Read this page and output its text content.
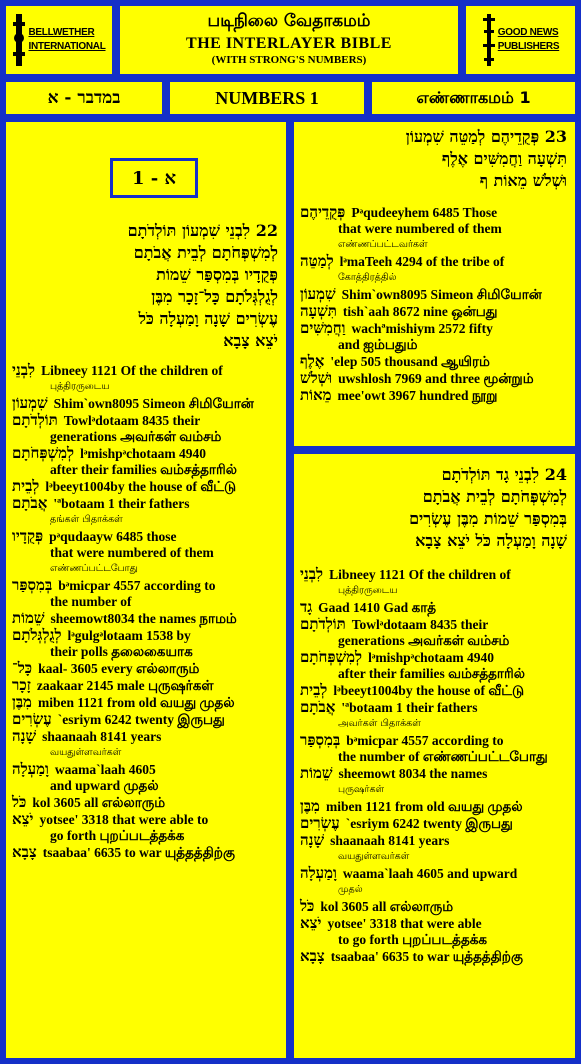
BELLWETHER
INTERNATIONAL
படிநிலை வேதாகமம்
THE INTERLAYER BIBLE
(WITH STRONG'S NUMBERS)
GOOD NEWS
PUBLISHERS
במדבר - א	NUMBERS 1	எண்ணாகமம் 1
א - 1
22 לִבְנֵי שִׁמְעוֹן תּוֹלְדֹתָם
לְמִשְׁפְּחֹתָם לְבֵית אֲבֹתָם
פְּקֻדָיו בְּמִסְפַּר שֵׁמוֹת
לְגֻלְגְּלֹתָם כָּל־זָכָר מִבֶּן
עֶשְׂרִים שָׁנָה וָמַעְלָה כֹּל
יֹצֵא צָבָא
לִבְנֵי Libneey 1121 Of the children of
புத்திரருடைய
שִׁמְעוֹן Shim`own8095 Simeon சிமியோன்
תּוֹלְדֹתָם Towlᵊdotaam 8435 their
generations அவர்கள் வம்சம்
לְמִשְׁפְּחֹתָם lᵊmishpᵊchotaam 4940
after their families வம்சத்தாரில்
לְבֵית lᵊbeeyt1004by the house of வீட்டு
אֲבֹתָם 'ªbotaam 1 their fathers
தங்கள் பிதாக்கள்
פְּקֻדָיו pᵊqudaayw 6485 those
that were numbered of them
எண்ணப்பட்டபோது
בְּמִסְפַּר bᵊmicpar 4557 according to
the number of
שֵׁמוֹת sheemowt8034 the names நாமம்
לְגֻלְגְּלֹתָם lᵊgulgᵊlotaam 1538 by
their polls தலைகையாக
כָּל־ kaal- 3605 every எல்லாரும்
זָכָר zaakaar 2145 male புருஷர்கள்
מִבֶּן miben 1121 from old வயது முதல்
עֶשְׂרִים `esriym 6242 twenty இருபது
שָׁנָה shaanaah 8141 years
வயதுள்ளவர்கள்
וָמַעְלָה waama`laah 4605
and upward முதல்
כֹּל kol 3605 all எல்லாரும்
יֹצֵא yotsee' 3318 that were able to
go forth புறப்படத்தக்க
צָבָא tsaabaa' 6635 to war யுத்தத்திற்கு
23 פְּקֻדֵיהֶם לְמַטֵּה שִׁמְעוֹן
תִּשְׁעָה וַחֲמִשִּׁים אֶלֶף
וּשְׁלֹשׁ מֵאוֹת ף
פְּקֻדֵיהֶם Pᵊqudeeyhem 6485 Those
that were numbered of them
எண்ணப்பட்டவர்கள்
לְמַטֵּה lᵊmaTeeh 4294 of the tribe of
கோத்திரத்தில்
שִׁמְעוֹן Shim`own8095 Simeon சிமியோன்
תִּשְׁעָה tish`aah 8672 nine ஒன்பது
וַחֲמִשִּׁים wachªmishiym 2572 fifty
and ஐம்பதும்
אֶלֶף 'elep 505 thousand ஆயிரம்
וּשְׁלֹשׁ uwshlosh 7969 and three மூன்றும்
מֵאוֹת mee'owt 3967 hundred நூறு
24 לִבְנֵי גָד תּוֹלְדֹתָם
לְמִשְׁפְּחֹתָם לְבֵית אֲבֹתָם
בְּמִסְפַּר שֵׁמוֹת מִבֶּן עֶשְׂרִים
שָׁנָה וָמַעְלָה כֹּל יֹצֵא צָבָא
לִבְנֵי Libneey 1121 Of the children of
புத்திரருடைய
גָד Gaad 1410 Gad காத்
תּוֹלְדֹתָם Towlᵊdotaam 8435 their
generations அவர்கள் வம்சம்
לְמִשְׁפְּחֹתָם lᵊmishpᵊchotaam 4940
after their families வம்சத்தாரில்
לְבֵית lᵊbeeyt1004by the house of வீட்டு
אֲבֹתָם 'ªbotaam 1 their fathers
அவர்கள் பிதாக்கள்
בְּמִסְפַּר bᵊmicpar 4557 according to
the number of எண்ணப்பட்டபோது
שֵׁמוֹת sheemowt 8034 the names
புருஷர்கள்
מִבֶּן miben 1121 from old வயது முதல்
עֶשְׂרִים `esriym 6242 twenty இருபது
שָׁנָה shaanaah 8141 years
வயதுள்ளவர்கள்
וָמַעְלָה waama`laah 4605 and upward
முதல்
כֹּל kol 3605 all எல்லாரும்
יֹצֵא yotsee' 3318 that were able
to go forth புறப்படத்தக்க
צָבָא tsaabaa' 6635 to war யுத்தத்திற்கு
